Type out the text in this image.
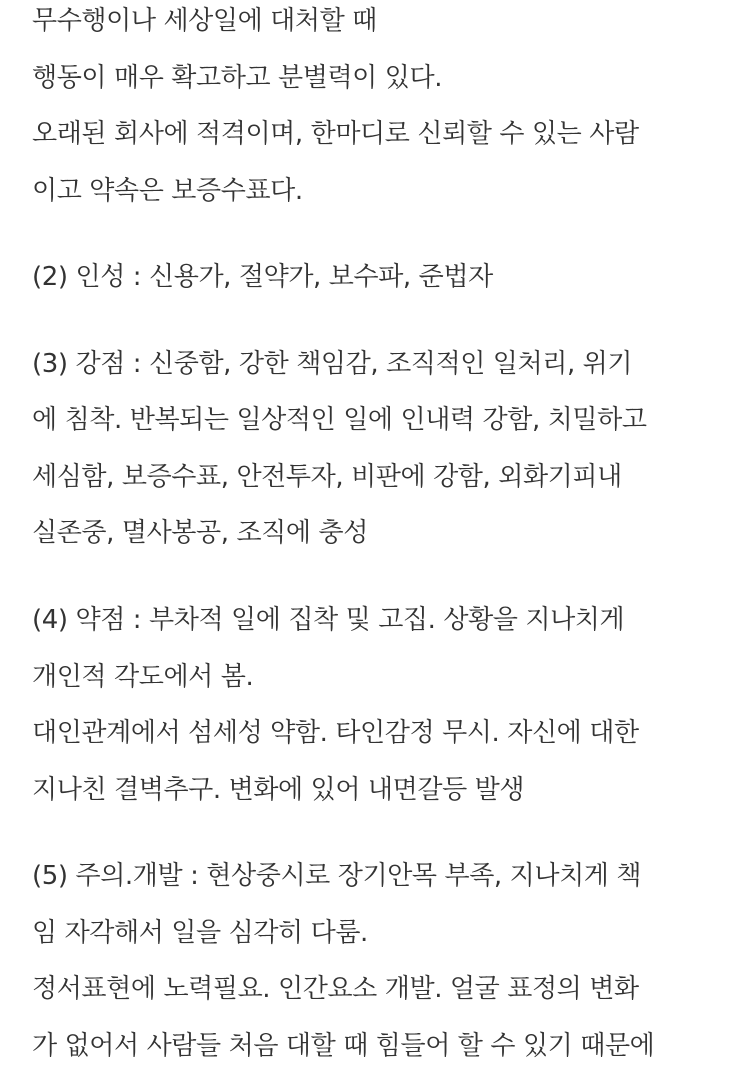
무수행이나 세상일에 대처할 때
행동이 매우 확고하고 분별력이 있다.
오래된 회사에 적격이며, 한마디로 신뢰할 수 있는 사람
이고 약속은 보증수표다.
(2) 인성 : 신용가, 절약가, 보수파, 준법자
(3) 강점 : 신중함, 강한 책임감, 조직적인 일처리, 위기
에 침착. 반복되는 일상적인 일에 인내력 강함, 치밀하고
세심함, 보증수표, 안전투자, 비판에 강함, 외화기피내
실존중, 멸사봉공, 조직에 충성
(4) 약점 : 부차적 일에 집착 및 고집. 상황을 지나치게
개인적 각도에서 봄.
대인관계에서 섬세성 약함. 타인감정 무시. 자신에 대한
지나친 결벽추구. 변화에 있어 내면갈등 발생
(5) 주의.개발 : 현상중시로 장기안목 부족, 지나치게 책
임 자각해서 일을 심각히 다룸.
정서표현에 노력필요. 인간요소 개발. 얼굴 표정의 변화
가 없어서 사람들 처음 대할 때 힘들어 할 수 있기 때문에
